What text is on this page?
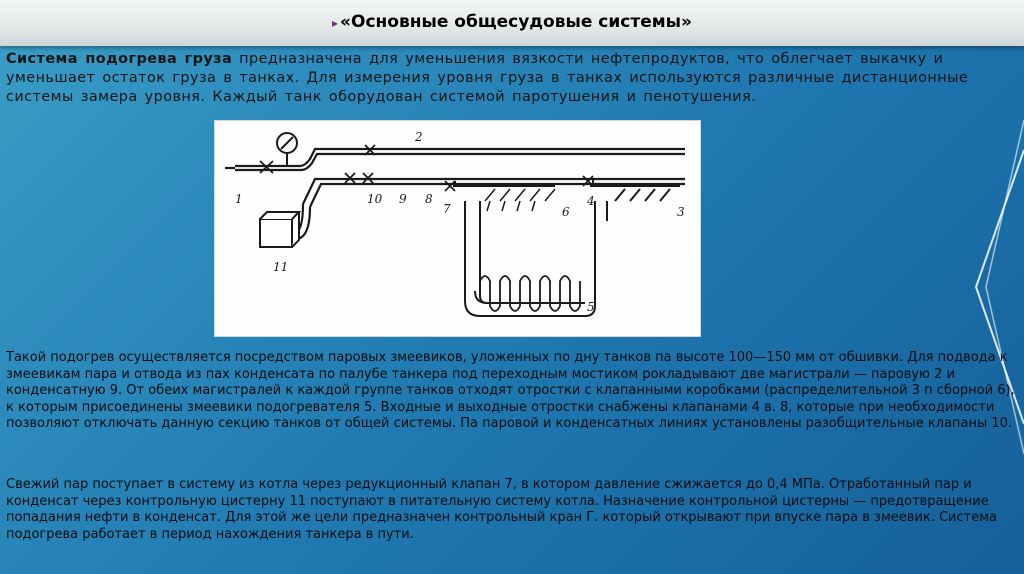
▸ «Основные общесудовые системы»
Система подогрева груза предназначена для уменьшения вязкости нефтепродуктов, что облегчает выкачку и уменьшает остаток груза в танках. Для измерения уровня груза в танках используются различные дистанционные системы замера уровня. Каждый танк оборудован системой паротушения и пенотушения.
1
2
3
4
5
6
7
8
9
10
11
Такой подогрев осуществляется посредством паровых змеевиков, уложенных по дну танков па высоте 100—150 мм от обшивки. Для подвода к змеевикам пара и отвода из пах конденсата по палубе танкера под переходным мостиком рокладывают две магистрали — паровую 2 и конденсатную 9. От обеих магистралей к каждой группе танков отходят отростки с клапанными коробками (распределительной 3 п сборной 6), к которым присоединены змеевики подогревателя 5. Входные и выходные отростки снабжены клапанами 4 в. 8, которые при необходимости позволяют отключать данную секцию танков от общей системы. Па паровой и конденсатных линиях установлены разобщительные клапаны 10.
Свежий пар поступает в систему из котла через редукционный клапан 7, в котором давление сжижается до 0,4 МПа. Отработанный пар и конденсат через контрольную цистерну 11 поступают в питательную систему котла. Назначение контрольной цистерны — предотвращение попадания нефти в конденсат. Для этой же цели предназначен контрольный кран Г. который открывают при впуске пара в змеевик. Система подогрева работает в период нахождения танкера в пути.
